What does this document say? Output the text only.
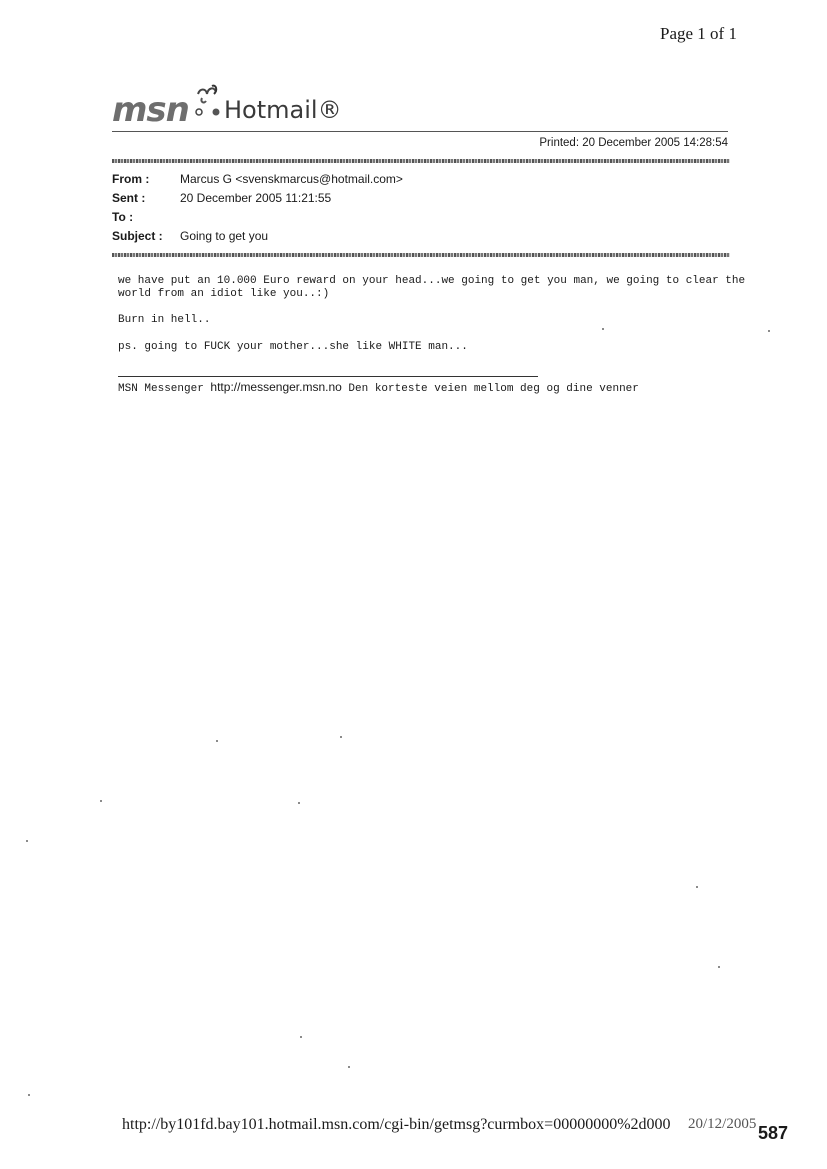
Page 1 of 1
msn Hotmail®
Printed: 20 December 2005 14:28:54
From :	Marcus G <svenskmarcus@hotmail.com>
Sent :	20 December 2005 11:21:55
To :
Subject : Going to get you
we have put an 10.000 Euro reward on your head...we going to get you man, we going to clear the
world from an idiot like you..:)
Burn in hell..
ps. going to FUCK your mother...she like WHITE man...
MSN Messenger http://messenger.msn.no Den korteste veien mellom deg og dine venner
http://by101fd.bay101.hotmail.msn.com/cgi-bin/getmsg?curmbox=00000000%2d000 20/12/2005 587
